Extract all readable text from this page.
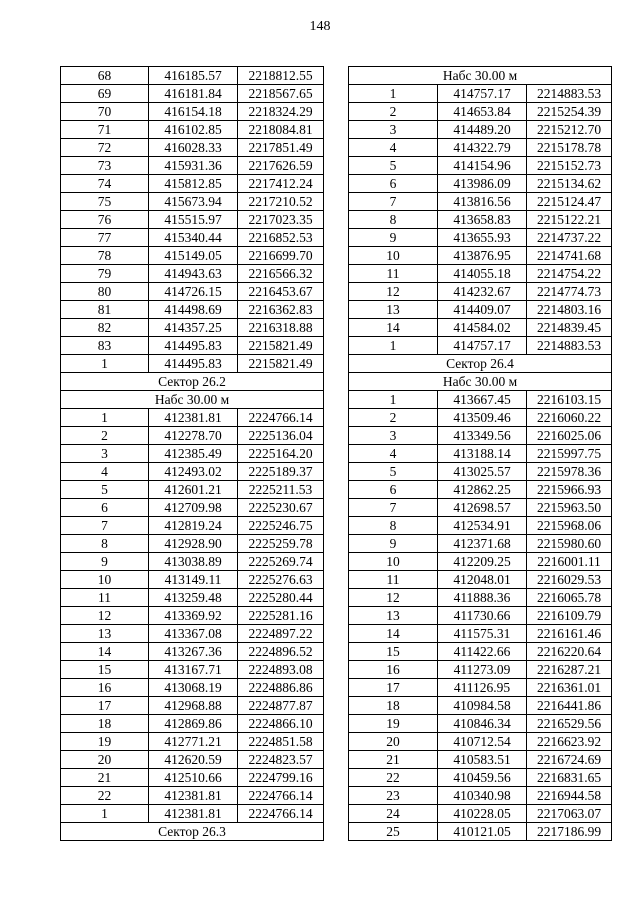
148
68	416185.57	2218812.55
69	416181.84	2218567.65
70	416154.18	2218324.29
71	416102.85	2218084.81
72	416028.33	2217851.49
73	415931.36	2217626.59
74	415812.85	2217412.24
75	415673.94	2217210.52
76	415515.97	2217023.35
77	415340.44	2216852.53
78	415149.05	2216699.70
79	414943.63	2216566.32
80	414726.15	2216453.67
81	414498.69	2216362.83
82	414357.25	2216318.88
83	414495.83	2215821.49
1	414495.83	2215821.49
Сектор 26.2		
Набс 30.00 м		
1	412381.81	2224766.14
2	412278.70	2225136.04
3	412385.49	2225164.20
4	412493.02	2225189.37
5	412601.21	2225211.53
6	412709.98	2225230.67
7	412819.24	2225246.75
8	412928.90	2225259.78
9	413038.89	2225269.74
10	413149.11	2225276.63
11	413259.48	2225280.44
12	413369.92	2225281.16
13	413367.08	2224897.22
14	413267.36	2224896.52
15	413167.71	2224893.08
16	413068.19	2224886.86
17	412968.88	2224877.87
18	412869.86	2224866.10
19	412771.21	2224851.58
20	412620.59	2224823.57
21	412510.66	2224799.16
22	412381.81	2224766.14
1	412381.81	2224766.14
Сектор 26.3		
Набс 30.00 м		
1	414757.17	2214883.53
2	414653.84	2215254.39
3	414489.20	2215212.70
4	414322.79	2215178.78
5	414154.96	2215152.73
6	413986.09	2215134.62
7	413816.56	2215124.47
8	413658.83	2215122.21
9	413655.93	2214737.22
10	413876.95	2214741.68
11	414055.18	2214754.22
12	414232.67	2214774.73
13	414409.07	2214803.16
14	414584.02	2214839.45
1	414757.17	2214883.53
Сектор 26.4		
Набс 30.00 м		
1	413667.45	2216103.15
2	413509.46	2216060.22
3	413349.56	2216025.06
4	413188.14	2215997.75
5	413025.57	2215978.36
6	412862.25	2215966.93
7	412698.57	2215963.50
8	412534.91	2215968.06
9	412371.68	2215980.60
10	412209.25	2216001.11
11	412048.01	2216029.53
12	411888.36	2216065.78
13	411730.66	2216109.79
14	411575.31	2216161.46
15	411422.66	2216220.64
16	411273.09	2216287.21
17	411126.95	2216361.01
18	410984.58	2216441.86
19	410846.34	2216529.56
20	410712.54	2216623.92
21	410583.51	2216724.69
22	410459.56	2216831.65
23	410340.98	2216944.58
24	410228.05	2217063.07
25	410121.05	2217186.99
